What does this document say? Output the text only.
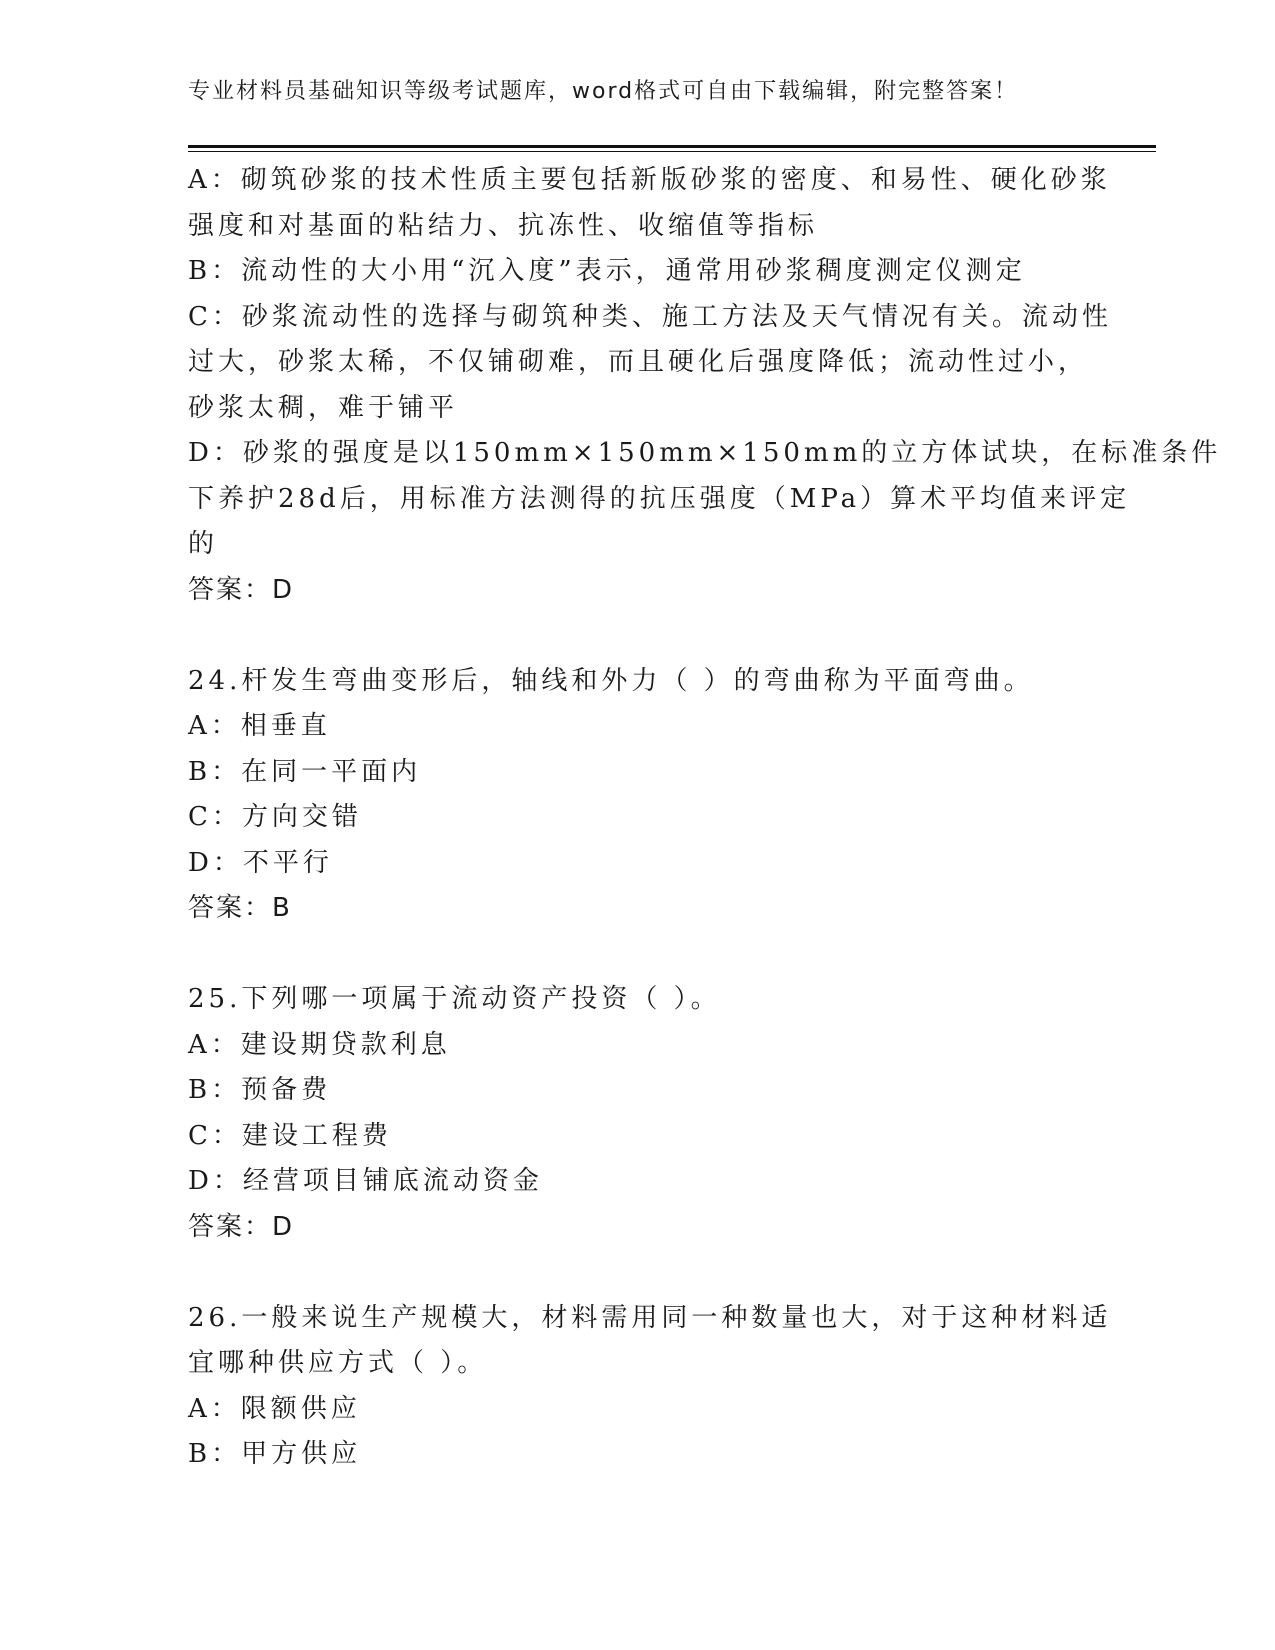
专业材料员基础知识等级考试题库，word格式可自由下载编辑，附完整答案！
A：砌筑砂浆的技术性质主要包括新版砂浆的密度、和易性、硬化砂浆
强度和对基面的粘结力、抗冻性、收缩值等指标
B：流动性的大小用“沉入度”表示，通常用砂浆稠度测定仪测定
C：砂浆流动性的选择与砌筑种类、施工方法及天气情况有关。流动性
过大，砂浆太稀，不仅铺砌难，而且硬化后强度降低；流动性过小，
砂浆太稠，难于铺平
D：砂浆的强度是以150mm×150mm×150mm的立方体试块，在标准条件
下养护28d后，用标准方法测得的抗压强度（MPa）算术平均值来评定
的
答案：D
24.杆发生弯曲变形后，轴线和外力（ ）的弯曲称为平面弯曲。
A：相垂直
B：在同一平面内
C：方向交错
D：不平行
答案：B
25.下列哪一项属于流动资产投资（ ）。
A：建设期贷款利息
B：预备费
C：建设工程费
D：经营项目铺底流动资金
答案：D
26.一般来说生产规模大，材料需用同一种数量也大，对于这种材料适
宜哪种供应方式（ ）。
A：限额供应
B：甲方供应
